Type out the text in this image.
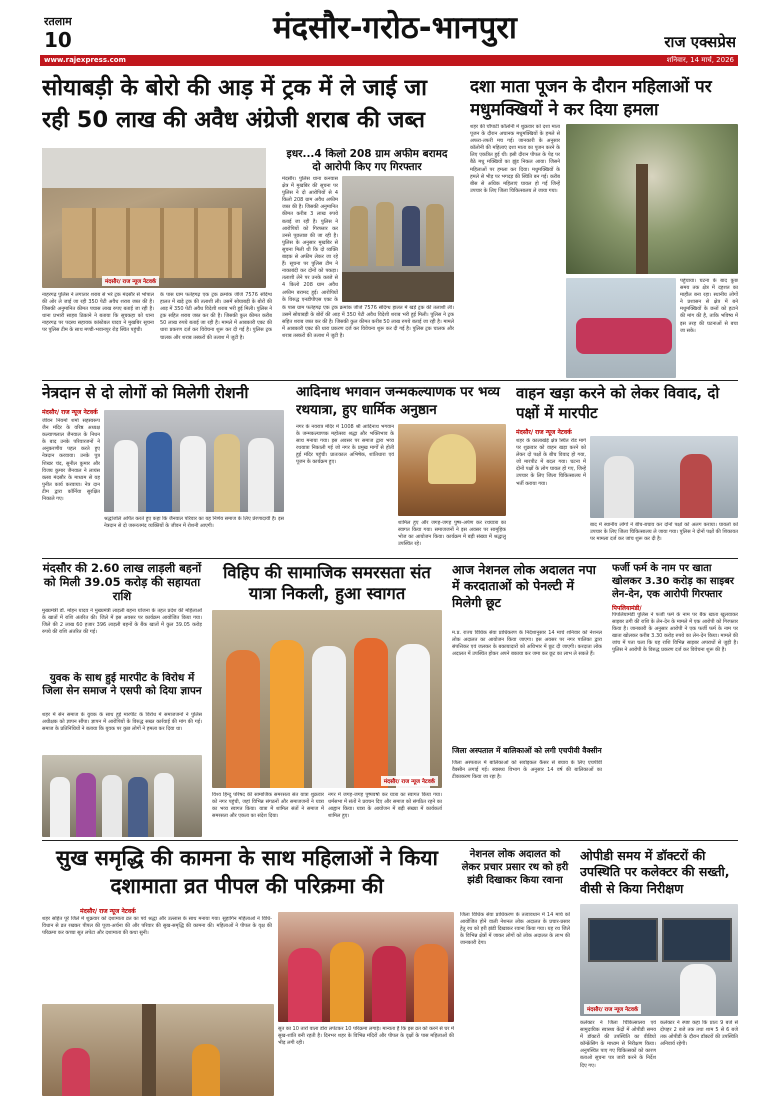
रतलाम
10	मंदसौर-गरोठ-भानपुरा	राज एक्सप्रेस
www.rajexpress.com	शनिवार, 14 मार्च, 2026
सोयाबड़ी के बोरो की आड़ में ट्रक में ले जाई जा रही 50 लाख की अवैध अंग्रेजी शराब की जब्त
मंदसौर/ राज न्यूज नेटवर्क
नाहरगढ़ पुलिस ने लगातार शराब से भरे ट्रक मंदसौर से भोपाल की ओर ले जाई जा रही 350 पेटी अवैध शराब जब्त की है। जिसकी अनुमानित कीमत पचास लाख रुपए बताई जा रही है। थाना प्रभारी साहब ठिकाने ने बताया कि सूचकहा को थाना नाहरगढ़ पर पदस्थ सहायक कांस्टेबल यादव ने मुखबिर सूचना पर पुलिस टीम के साथ मण्डी-भवानपुर रोड़ स्थित पहुंची।
के पास ग्राम फतेहगढ़ एक ट्रक क्रमांक जीजे 7576 संदिग्ध हालत में खड़े ट्रक की तलाशी ली। उसमें सोयाबड़ी के बोरों की आड़ में 350 पेटी अवैध विदेशी शराब भरी हुई मिली। पुलिस ने ट्रक सहित शराब जब्त कर की है। जिसकी कुल कीमत करीब 50 लाख रुपये बताई जा रही है। मामले में आबकारी एक्ट की धारा प्रकरण दर्ज कर विवेचना शुरू कर दी गई है। पुलिस ट्रक चालक और शराब तस्करों की तलाश में जुटी है।
इधर...4 किलो 208 ग्राम अफीम बरामद दो आरोपी किए गए गिरफ्तार
मंदसौर। पुलिस थाना कनवास क्षेत्र में मुखबिर की सूचना पर पुलिस ने दो आरोपियों से 4 किलो 208 ग्राम अवैध अफीम जब्त की है। जिसकी अनुमानित कीमत करीब 3 लाख रुपये बताई जा रही है। पुलिस ने आरोपियों को गिरफ्तार कर उनसे पूछताछ की जा रही है। पुलिस के अनुसार मुखबिर से सूचना मिली थी कि दो व्यक्ति बाइक से अफीम लेकर जा रहे हैं। सूचना पर पुलिस टीम ने नाकाबंदी कर दोनों को पकड़ा। तलाशी लेने पर उनके कब्जे से 4 किलो 208 ग्राम अवैध अफीम बरामद हुई। आरोपियों के विरुद्ध एनडीपीएस एक्ट के
के पास ग्राम फतेहगढ़ एक ट्रक क्रमांक जीजे 7576 संदिग्ध हालत में खड़े ट्रक की तलाशी ली। उसमें सोयाबड़ी के बोरों की आड़ में 350 पेटी अवैध विदेशी शराब भरी हुई मिली। पुलिस ने ट्रक सहित शराब जब्त कर की है। जिसकी कुल कीमत करीब 50 लाख रुपये बताई जा रही है। मामले में आबकारी एक्ट की धारा प्रकरण दर्ज कर विवेचना शुरू कर दी गई है। पुलिस ट्रक चालक और शराब तस्करों की तलाश में जुटी है।
दशा माता पूजन के दौरान महिलाओं पर मधुमक्खियों ने कर दिया हमला
शहर की चौपाटी कॉलोनी में शुक्रवार को दशा माता पूजन के दौरान अचानक मधुमक्खियों के हमले से अफरा-तफरी मच गई। जानकारी के अनुसार कॉलोनी की महिलाएं दशा माता का पूजन करने के लिए एकत्रित हुई थीं। इसी दौरान पीपल के पेड़ पर बैठे मधु मक्खियों का झुंड निकल आया। जिसने महिलाओं पर हमला कर दिया। मधुमक्खियों के हमले से भीड़ पर भगदड़ की स्थिति बन गई। करीब बीस से अधिक महिलाएं घायल हो गईं जिन्हें उपचार के लिए जिला चिकित्सालय ले जाया गया।
पहुंचाया। घटना के बाद कुछ समय तक क्षेत्र में दहशत का माहौल बना रहा। स्थानीय लोगों ने प्रशासन से क्षेत्र में बने मधुमक्खियों के छत्तों को हटाने की मांग की है, ताकि भविष्य में इस तरह की घटनाओं से बचा जा सके।
नेत्रदान से दो लोगों को मिलेगी रोशनी
मंदसौर/ राज न्यूज नेटवर्क
जीवन नियमों शर्मा सहस्वरूप जैन मंदिर के वरिष्ठ अध्यक्ष कल्याणलाल जैनवाल के निधन के बाद उनके परिवारजनों ने अनुकरणीय पहल करते हुए नेत्रदान करवाया। उनके पुत्र शिखर चंद, सुनील कुमार और विजय कुमार जैनवाल ने लायंस क्लब मंदसौर के माध्यम से यह पुनीत कार्य करवाया। नेत्र दान टीम द्वारा कॉर्निया सुरक्षित निकाले गए।
श्रद्धांजलि अर्पित करते हुए कहा कि जैनवाल परिवार का यह निर्णय समाज के लिए प्रेरणादायी है। इस नेत्रदान से दो जरूरतमंद व्यक्तियों के जीवन में रोशनी आएगी।
आदिनाथ भगवान जन्मकल्याणक पर भव्य रथयात्रा, हुए धार्मिक अनुष्ठान
नगर के नवरात्र मंदिर में 1008 श्री आदिनाथ भगवान के जन्मकल्याणक महोत्सव श्रद्धा और भक्तिभाव के साथ मनाया गया। इस अवसर पर समाज द्वारा भव्य रथयात्रा निकाली गई जो नगर के प्रमुख मार्गों से होती हुई मंदिर पहुंची। प्रातःकाल अभिषेक, शांतिधारा एवं पूजन के कार्यक्रम हुए।
शामिल हुए और जगह-जगह पुष्प-अर्पण कर रथयात्रा का स्वागत किया गया। समाजजनों ने इस अवसर पर सामूहिक भोज का आयोजन किया। कार्यक्रम में बड़ी संख्या में श्रद्धालु उपस्थित रहे।
वाहन खड़ा करने को लेकर विवाद, दो पक्षों में मारपीट
मंदसौर/ राज न्यूज नेटवर्क
शहर के कालाखेड़े क्षेत्र स्थित रोड मार्ग पर शुक्रवार को वाहन खड़ा करने को लेकर दो पक्षों के बीच विवाद हो गया, जो मारपीट में बदल गया। घटना में दोनों पक्षों के लोग घायल हो गए, जिन्हें उपचार के लिए जिला चिकित्सालय में भर्ती कराया गया।
बाद में स्थानीय लोगों ने बीच-बचाव कर दोनों पक्षों को अलग कराया। घायलों को उपचार के लिए जिला चिकित्सालय ले जाया गया। पुलिस ने दोनों पक्षों की शिकायत पर मामला दर्ज कर जांच शुरू कर दी है।
मंदसौर की 2.60 लाख लाड़ली बहनों को मिली 39.05 करोड़ की सहायता राशि
मुख्यमंत्री डॉ. मोहन यादव ने मुख्यमंत्री लाड़ली बहना योजना के तहत प्रदेश की महिलाओं के खातों में राशि अंतरित की। जिले में इस अवसर पर कार्यक्रम आयोजित किया गया। जिले की 2 लाख 60 हजार 396 लाड़ली बहनों के बैंक खातों में कुल 39.05 करोड़ रुपये की राशि अंतरित की गई।
युवक के साथ हुई मारपीट के विरोध में जिला सेन समाज ने एसपी को दिया ज्ञापन
शहर में सेन समाज के युवक के साथ हुई मारपीट के विरोध में समाजजनों ने पुलिस अधीक्षक को ज्ञापन सौंपा। ज्ञापन में आरोपियों के विरुद्ध सख्त कार्रवाई की मांग की गई। समाज के प्रतिनिधियों ने बताया कि युवक पर कुछ लोगों ने हमला कर दिया था।
विहिप की सामाजिक समरसता संत यात्रा निकली, हुआ स्वागत
मंदसौर/ राज न्यूज नेटवर्क
विश्व हिन्दू परिषद की सामाजिक समरसता संत यात्रा शुक्रवार को नगर पहुंची, जहां विभिन्न संगठनों और समाजजनों ने यात्रा का भव्य स्वागत किया। यात्रा में शामिल संतों ने समाज में समरसता और एकता का संदेश दिया।
नगर में जगह-जगह पुष्पवर्षा कर यात्रा का स्वागत किया गया। धर्मसभा में संतों ने प्रवचन दिए और समाज को संगठित रहने का आह्वान किया। यात्रा के आयोजन में बड़ी संख्या में कार्यकर्ता शामिल हुए।
आज नेशनल लोक अदालत नपा में करदाताओं को पेनल्टी में मिलेगी छूट
म.प्र. राज्य विधिक सेवा प्राधिकरण के निर्देशानुसार 14 मार्च शनिवार को नेशनल लोक अदालत का आयोजन किया जाएगा। इस अवसर पर नगर पालिका द्वारा संपत्तिकर एवं जलकर के बकायादारों को अधिभार में छूट दी जाएगी। करदाता लोक अदालत में उपस्थित होकर अपने बकाया कर जमा कर छूट का लाभ ले सकते हैं।
जिला अस्पताल में बालिकाओं को लगी एचपीवी वैक्सीन
जिला अस्पताल में बालिकाओं को सर्वाइकल कैंसर से बचाव के लिए एचपीवी वैक्सीन लगाई गई। स्वास्थ्य विभाग के अनुसार 14 वर्ष की बालिकाओं का टीकाकरण किया जा रहा है।
फर्जी फर्म के नाम पर खाता खोलकर 3.30 करोड़ का साइबर लेन-देन, एक आरोपी गिरफ्तार
पिपलियामंडी/
पिपलियामंडी पुलिस ने फर्जी फर्म के नाम पर बैंक खाता खुलवाकर साइबर ठगी की राशि के लेन-देन के मामले में एक आरोपी को गिरफ्तार किया है। जानकारी के अनुसार आरोपी ने एक फर्जी फर्म के नाम पर खाता खोलकर करीब 3.30 करोड़ रुपये का लेन-देन किया। मामले की जांच में पता चला कि यह राशि विभिन्न साइबर अपराधों से जुड़ी है। पुलिस ने आरोपी के विरुद्ध प्रकरण दर्ज कर विवेचना शुरू की है।
सुख समृद्धि की कामना के साथ महिलाओं ने किया दशामाता व्रत पीपल की परिक्रमा की
मंदसौर/ राज न्यूज नेटवर्क
शहर सहित पूरे जिले में शुक्रवार को दशामाता व्रत का पर्व श्रद्धा और उल्लास के साथ मनाया गया। सुहागिन महिलाओं ने विधि-विधान से व्रत रखकर पीपल की पूजा-अर्चना की और परिवार की सुख-समृद्धि की कामना की। महिलाओं ने पीपल के वृक्ष की परिक्रमा कर कच्चा सूत लपेटा और दशामाता की कथा सुनी।
सूत का 10 तारों वाला डोरा लपेटकर 10 परिक्रमा लगाई। मान्यता है कि इस व्रत को करने से घर में सुख-शांति बनी रहती है। दिनभर शहर के विभिन्न मंदिरों और पीपल के वृक्षों के पास महिलाओं की भीड़ लगी रही।
नेशनल लोक अदालत को लेकर प्रचार प्रसार रथ को हरी झंडी दिखाकर किया रवाना
जिला विधिक सेवा प्राधिकरण के तत्वावधान में 14 मार्च को आयोजित होने वाली नेशनल लोक अदालत के प्रचार-प्रसार हेतु रथ को हरी झंडी दिखाकर रवाना किया गया। यह रथ जिले के विभिन्न क्षेत्रों में जाकर लोगों को लोक अदालत के लाभ की जानकारी देगा।
ओपीडी समय में डॉक्टरों की उपस्थिति पर कलेक्टर की सख्ती, वीसी से किया निरीक्षण
मंदसौर/ राज न्यूज नेटवर्क
कलेक्टर ने जिला चिकित्सालय एवं सामुदायिक स्वास्थ्य केंद्रों में ओपीडी समय में डॉक्टरों की उपस्थिति का वीडियो कॉन्फ्रेंसिंग के माध्यम से निरीक्षण किया। अनुपस्थित पाए गए चिकित्सकों को कारण बताओ सूचना पत्र जारी करने के निर्देश दिए गए।
कलेक्टर ने स्पष्ट कहा कि प्रातः 9 बजे से दोपहर 2 बजे तक तथा शाम 5 से 6 बजे तक ओपीडी के दौरान डॉक्टरों की उपस्थिति अनिवार्य रहेगी।
